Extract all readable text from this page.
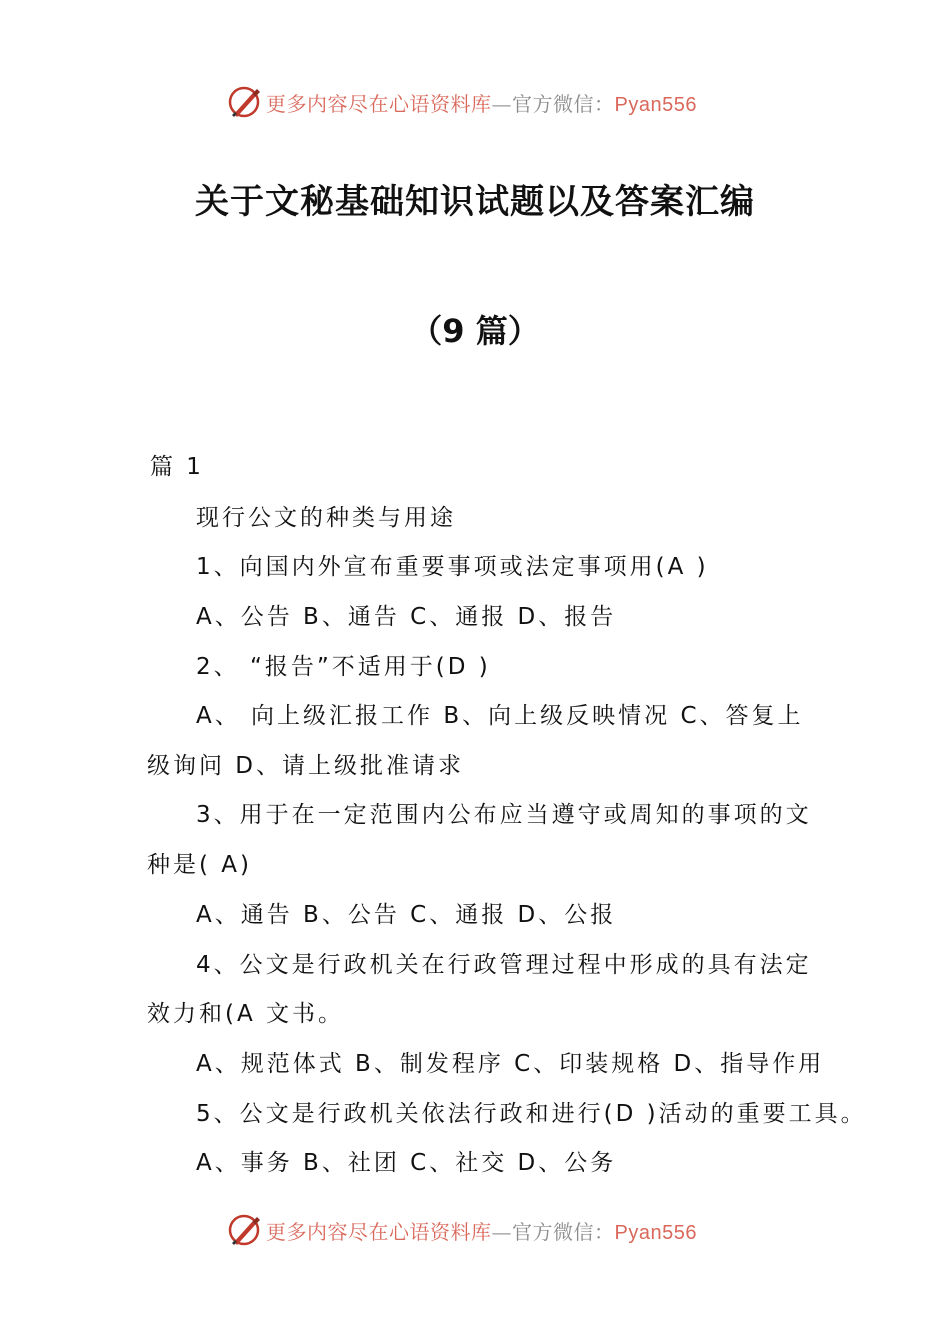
更多内容尽在心语资料库—官方微信：Pyan556
关于文秘基础知识试题以及答案汇编
（9 篇）
篇 1
现行公文的种类与用途
1、向国内外宣布重要事项或法定事项用(A )
A、公告 B、通告 C、通报 D、报告
2、 “报告”不适用于(D )
A、 向上级汇报工作 B、向上级反映情况 C、答复上
级询问 D、请上级批准请求
3、用于在一定范围内公布应当遵守或周知的事项的文
种是( A)
A、通告 B、公告 C、通报 D、公报
4、公文是行政机关在行政管理过程中形成的具有法定
效力和(A 文书。
A、规范体式 B、制发程序 C、印装规格 D、指导作用
5、公文是行政机关依法行政和进行(D )活动的重要工具。
A、事务 B、社团 C、社交 D、公务
更多内容尽在心语资料库—官方微信：Pyan556
